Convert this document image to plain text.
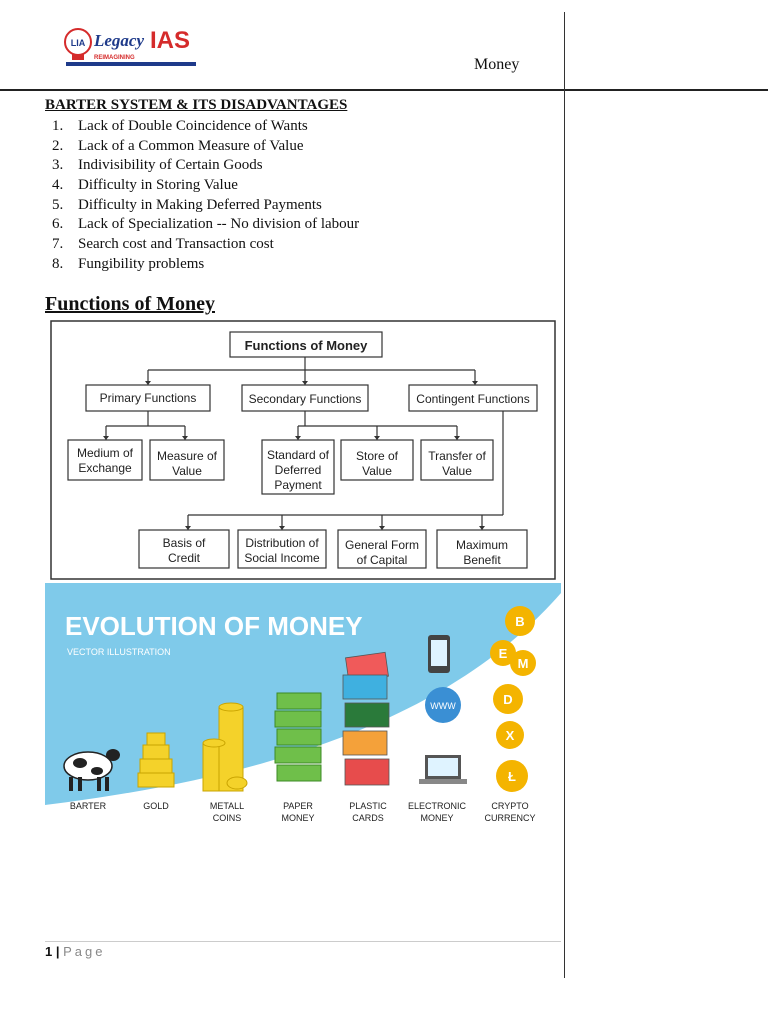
LIA Legacy IAS
REIMAGINING	Money
BARTER SYSTEM & ITS DISADVANTAGES
1. Lack of Double Coincidence of Wants
2. Lack of a Common Measure of Value
3. Indivisibility of Certain Goods
4. Difficulty in Storing Value
5. Difficulty in Making Deferred Payments
6. Lack of Specialization -- No division of labour
7. Search cost and Transaction cost
8. Fungibility problems
Functions of Money
Functions of Money
Primary Functions	Secondary Functions	Contingent Functions
Medium of
Exchange
Measure of
Value
Standard of
Deferred
Payment
Store of
Value
Transfer of
Value
Basis of
Credit
Distribution of
Social Income
General Form
of Capital
Maximum
Benefit
EVOLUTION OF MONEY
VECTOR ILLUSTRATION
WWW
B
E
M
D
X
Ł
BARTER	GOLD	METALL
COINS
PAPER
MONEY
PLASTIC
CARDS
ELECTRONIC
MONEY
CRYPTO
CURRENCY
1 | Page
